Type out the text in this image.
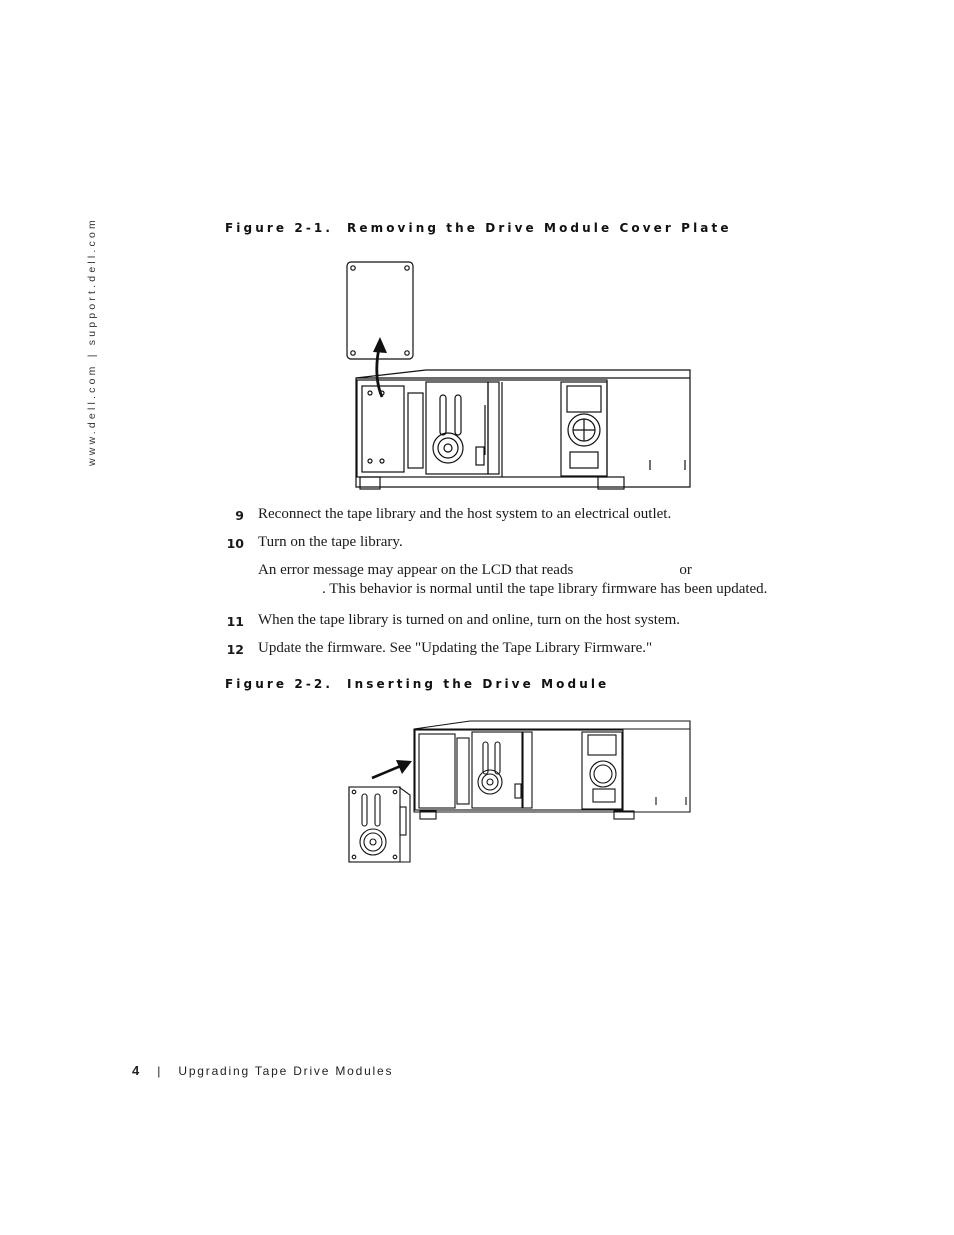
www.dell.com | support.dell.com	Figure 2-1. Removing the Drive Module Cover Plate
9 Reconnect the tape library and the host system to an electrical outlet.
10 Turn on the tape library.
An error message may appear on the LCD that reads	or
. This behavior is normal until the tape library firmware has been updated.
11 When the tape library is turned on and online, turn on the host system.
12 Update the firmware. See "Updating the Tape Library Firmware."
Figure 2-2. Inserting the Drive Module
4 | Upgrading Tape Drive Modules
